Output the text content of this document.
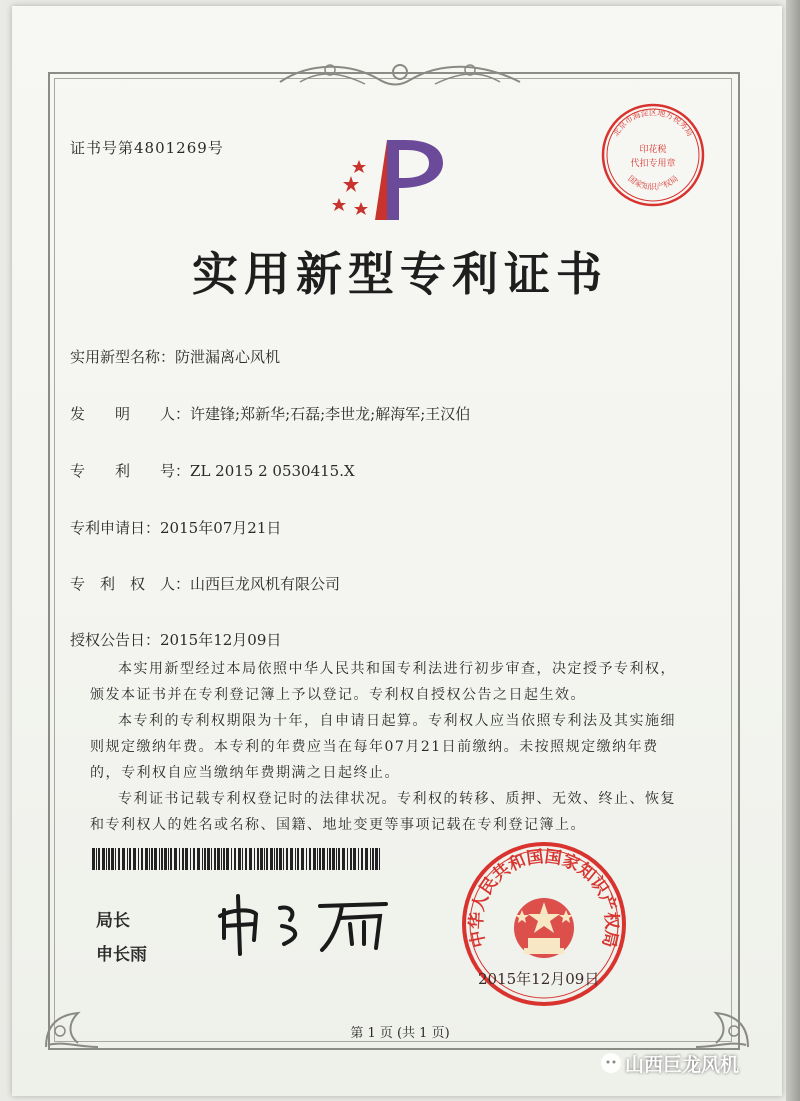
证书号第4801269号
北京市海淀区地方税务局
印花税
代扣专用章
国家知识产权局
实用新型专利证书
实用新型名称：防泄漏离心风机
发　　明　　人：许建锋;郑新华;石磊;李世龙;解海军;王汉伯
专　　利　　号：ZL 2015 2 0530415.X
专利申请日：2015年07月21日
专　利　权　人：山西巨龙风机有限公司
授权公告日：2015年12月09日

本实用新型经过本局依照中华人民共和国专利法进行初步审查，决定授予专利权，颁发本证书并在专利登记簿上予以登记。专利权自授权公告之日起生效。

本专利的专利权期限为十年，自申请日起算。专利权人应当依照专利法及其实施细则规定缴纳年费。本专利的年费应当在每年07月21日前缴纳。未按照规定缴纳年费的，专利权自应当缴纳年费期满之日起终止。

专利证书记载专利权登记时的法律状况。专利权的转移、质押、无效、终止、恢复和专利权人的姓名或名称、国籍、地址变更等事项记载在专利登记簿上。

局长
申长雨
中华人民共和国国家知识产权局
2015年12月09日
第 1 页 (共 1 页)
山西巨龙风机
